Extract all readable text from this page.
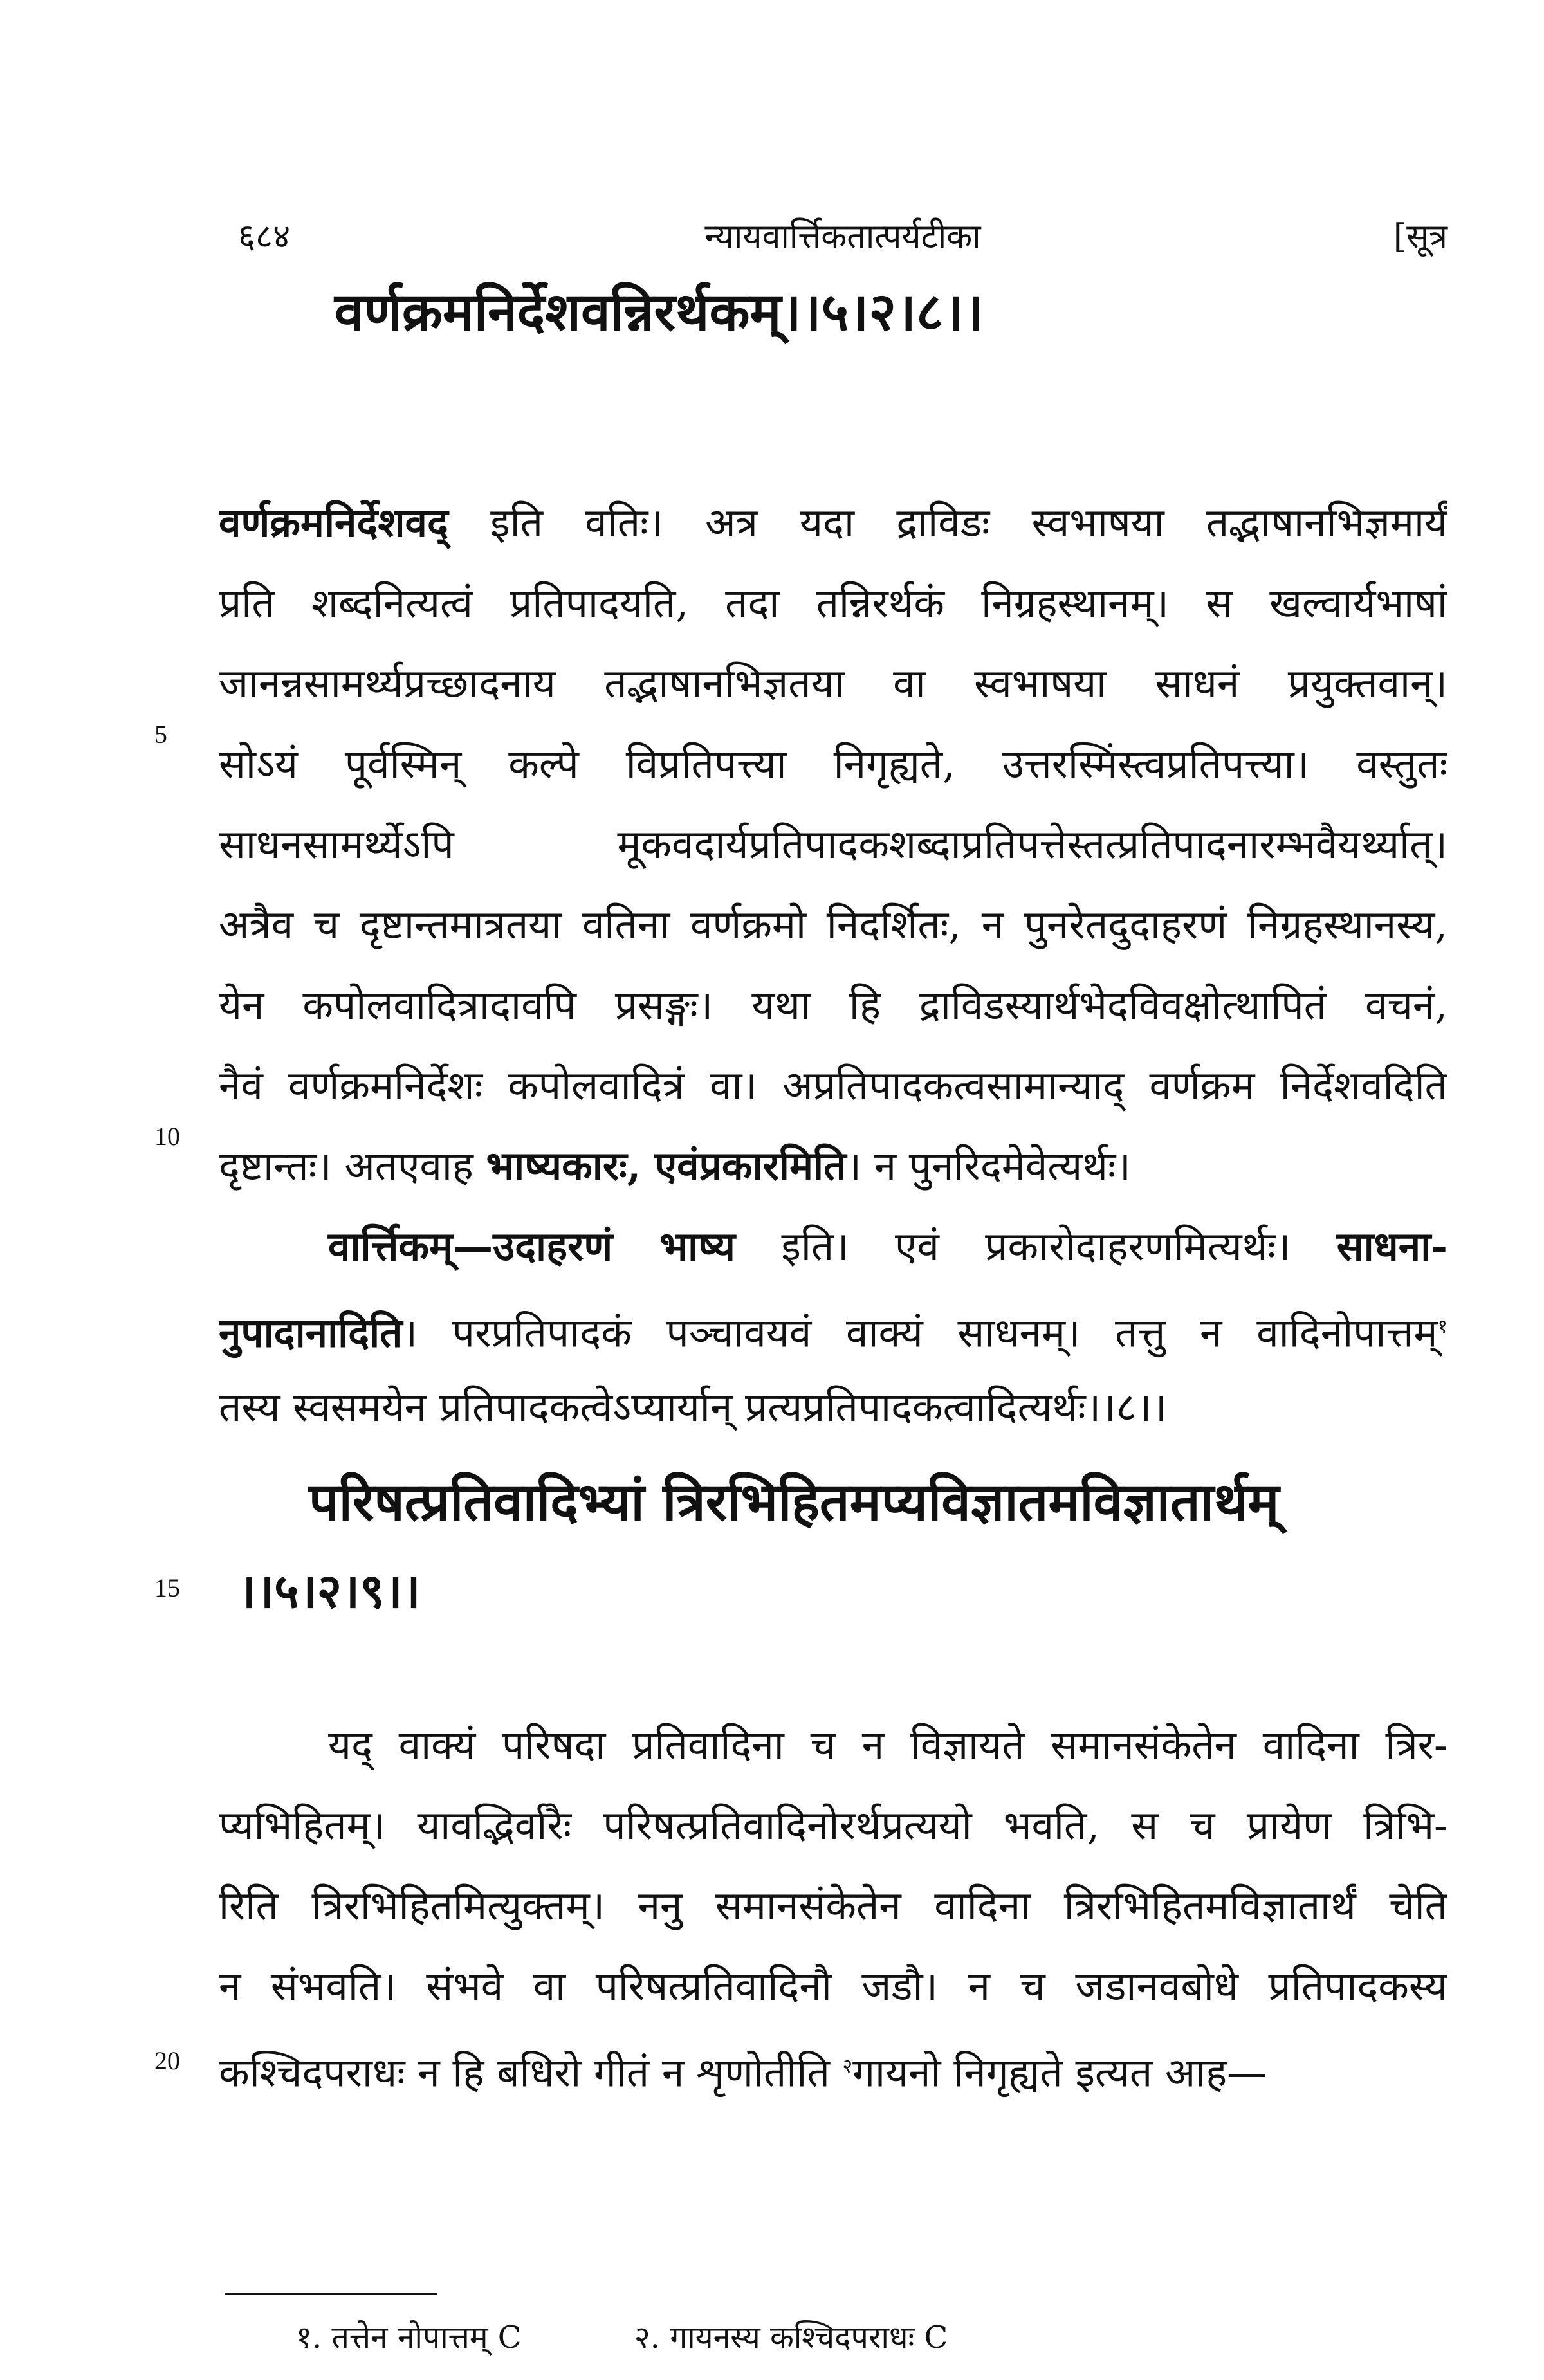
६८४	न्यायवार्त्तिकतात्पर्यटीका	[सूत्र
वर्णक्रमनिर्देशवन्निरर्थकम्।।५।२।८।।
वर्णक्रमनिर्देशवद् इति वतिः। अत्र यदा द्राविडः स्वभाषया तद्भाषानभिज्ञमार्यं
प्रति शब्दनित्यत्वं प्रतिपादयति, तदा तन्निरर्थकं निग्रहस्थानम्। स खल्वार्यभाषां
जानन्नसामर्थ्यप्रच्छादनाय तद्भाषानभिज्ञतया वा स्वभाषया साधनं प्रयुक्तवान्।
सोऽयं पूर्वस्मिन् कल्पे विप्रतिपत्त्या निगृह्यते, उत्तरस्मिंस्त्वप्रतिपत्त्या। वस्तुतः
साधनसामर्थ्येऽपि मूकवदार्यप्रतिपादकशब्दाप्रतिपत्तेस्तत्प्रतिपादनारम्भवैयर्थ्यात्।
अत्रैव च दृष्टान्तमात्रतया वतिना वर्णक्रमो निदर्शितः, न पुनरेतदुदाहरणं निग्रहस्थानस्य,
येन कपोलवादित्रादावपि प्रसङ्गः। यथा हि द्राविडस्यार्थभेदविवक्षोत्थापितं वचनं,
नैवं वर्णक्रमनिर्देशः कपोलवादित्रं वा। अप्रतिपादकत्वसामान्याद् वर्णक्रम निर्देशवदिति
दृष्टान्तः। अतएवाह भाष्यकारः, एवंप्रकारमिति। न पुनरिदमेवेत्यर्थः।
वार्त्तिकम्—उदाहरणं भाष्य इति। एवं प्रकारोदाहरणमित्यर्थः। साधना-
नुपादानादिति। परप्रतिपादकं पञ्चावयवं वाक्यं साधनम्। तत्तु न वादिनोपात्तम्$^१$
तस्य स्वसमयेन प्रतिपादकत्वेऽप्यार्यान् प्रत्यप्रतिपादकत्वादित्यर्थः।।८।।
परिषत्प्रतिवादिभ्यां त्रिरभिहितमप्यविज्ञातमविज्ञातार्थम्
।।५।२।९।।
यद् वाक्यं परिषदा प्रतिवादिना च न विज्ञायते समानसंकेतेन वादिना त्रिर-
प्यभिहितम्। यावद्भिर्वारैः परिषत्प्रतिवादिनोरर्थप्रत्ययो भवति, स च प्रायेण त्रिभि-
रिति त्रिरभिहितमित्युक्तम्। ननु समानसंकेतेन वादिना त्रिरभिहितमविज्ञातार्थं चेति
न संभवति। संभवे वा परिषत्प्रतिवादिनौ जडौ। न च जडानवबोधे प्रतिपादकस्य
कश्चिदपराधः न हि बधिरो गीतं न शृणोतीति $^२$गायनो निगृह्यते इत्यत आह—
5
10
15
20
१. तत्तेन नोपात्तम् C	२. गायनस्य कश्चिदपराधः C
